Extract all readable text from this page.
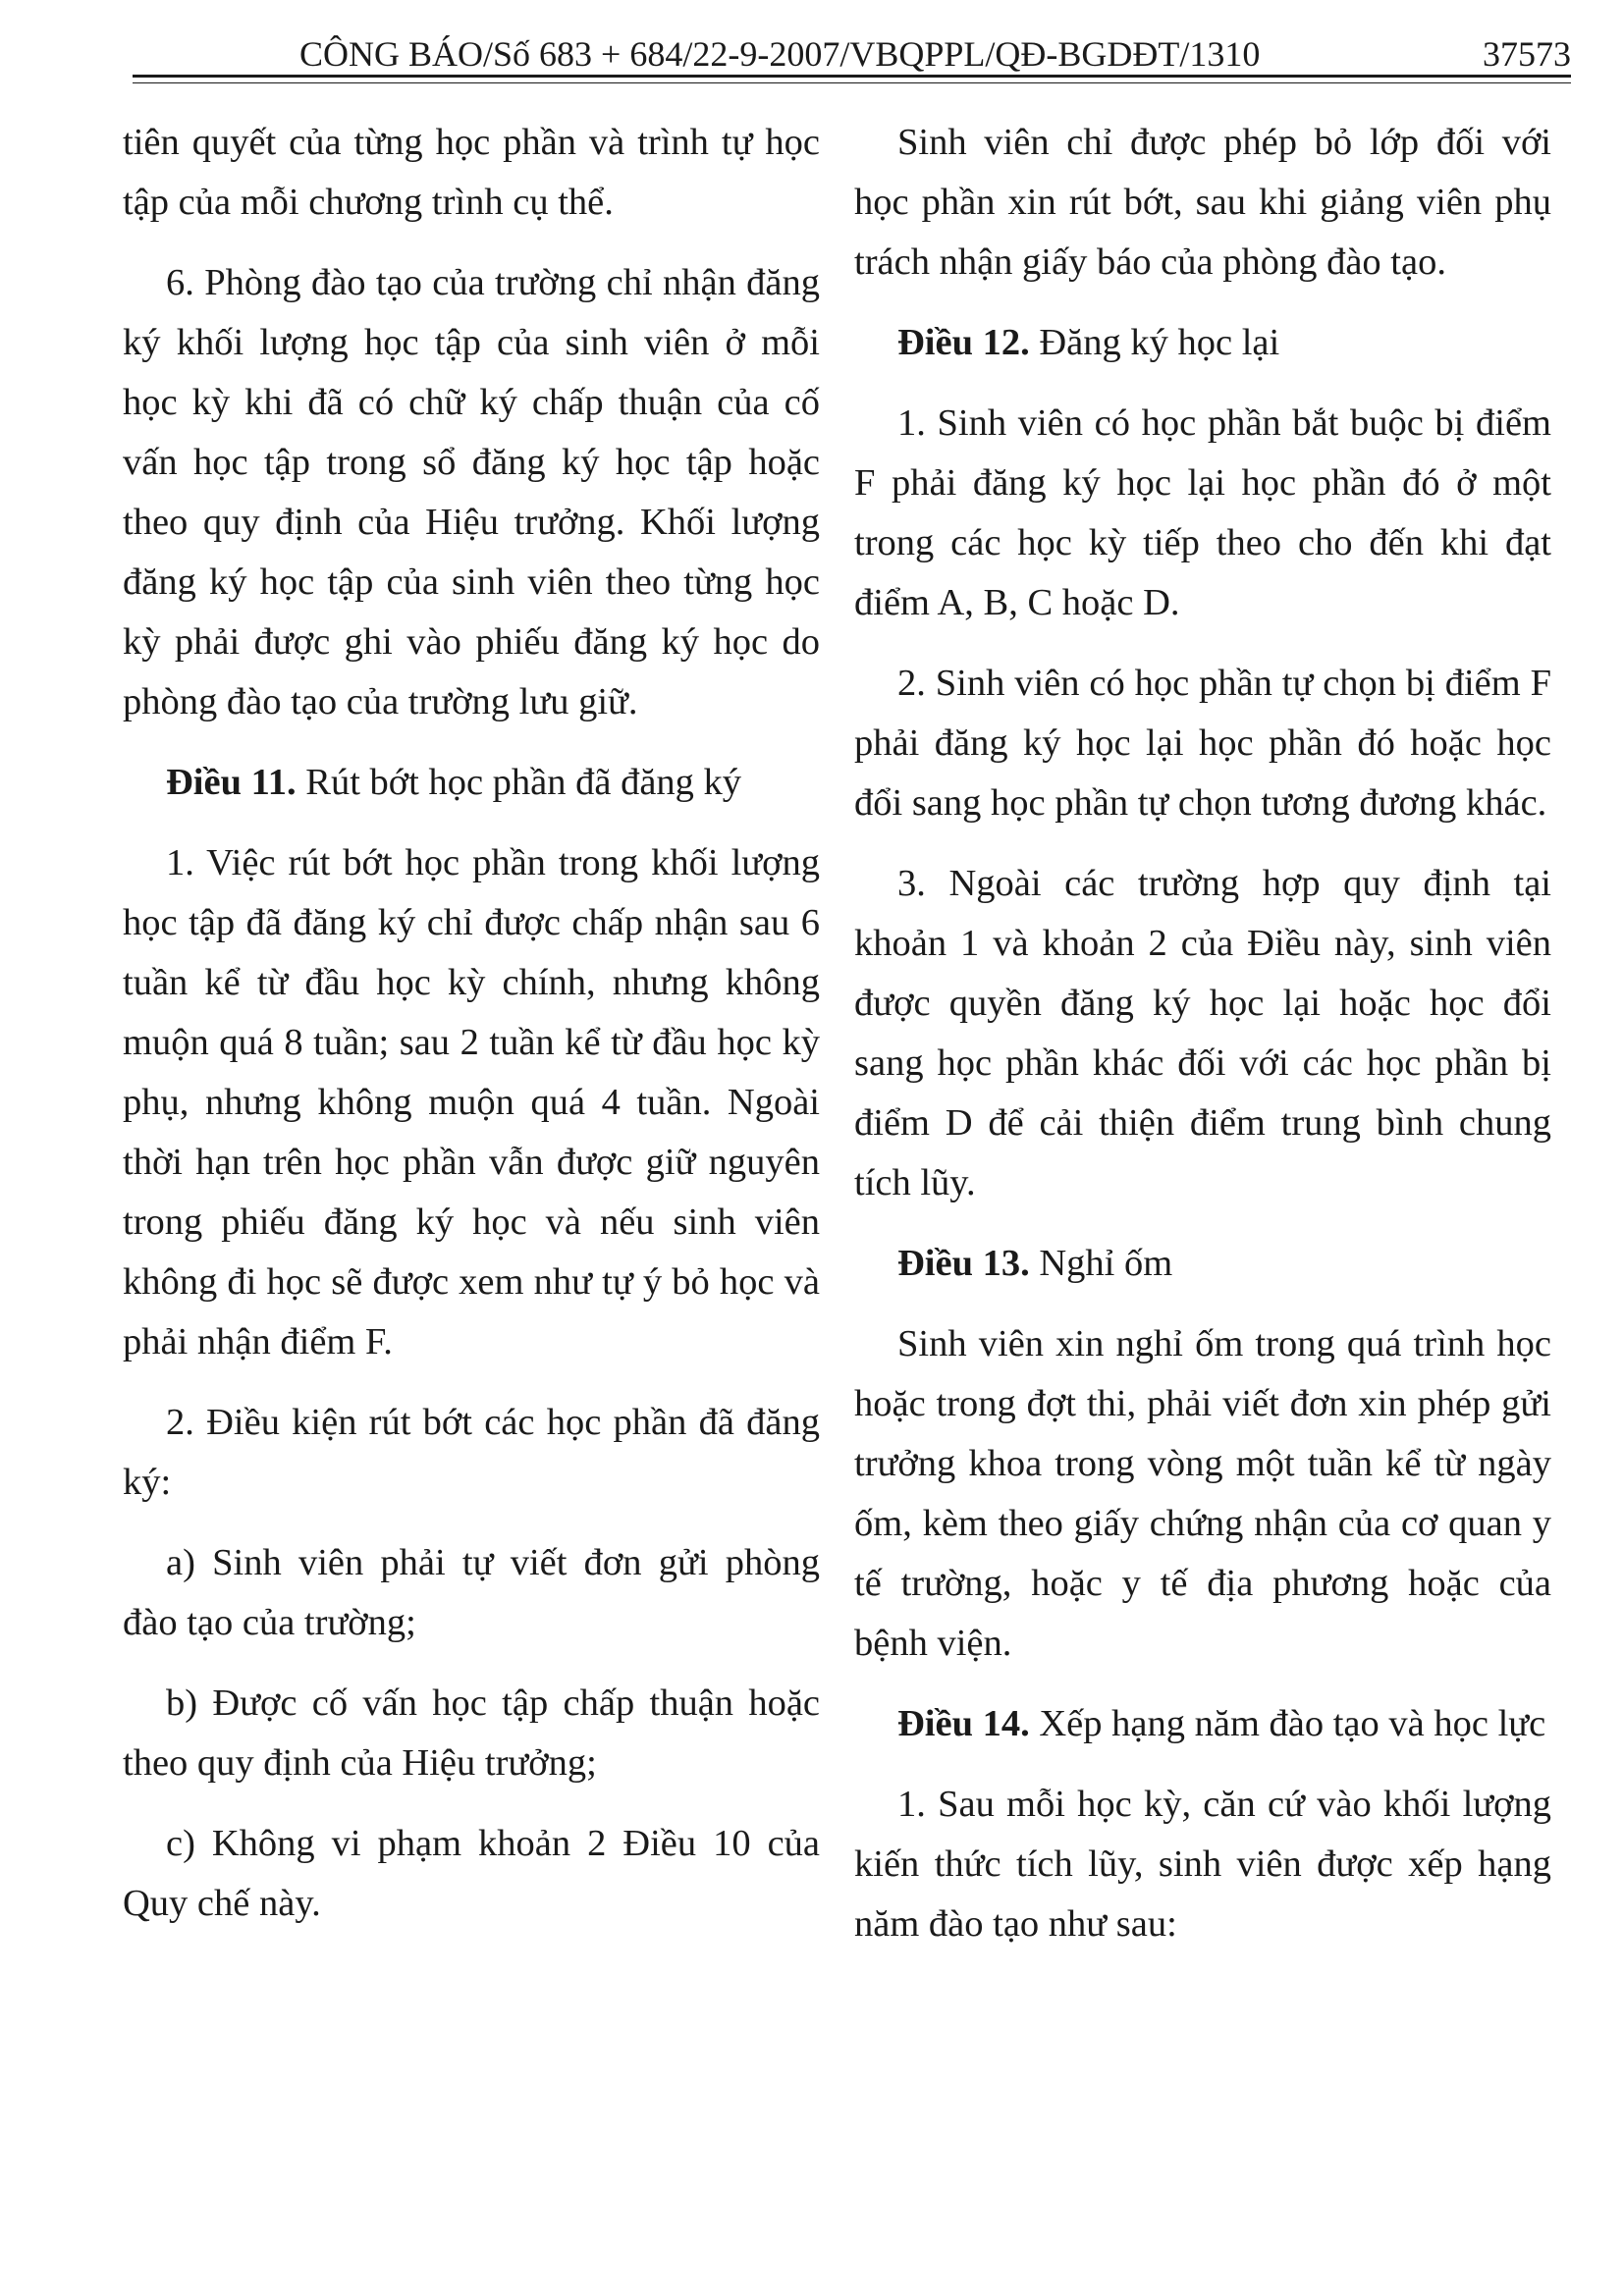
CÔNG BÁO/Số 683 + 684/22-9-2007/VBQPPL/QĐ-BGDĐT/1310	37573

tiên quyết của từng học phần và trình tự học tập của mỗi chương trình cụ thể.

6. Phòng đào tạo của trường chỉ nhận đăng ký khối lượng học tập của sinh viên ở mỗi học kỳ khi đã có chữ ký chấp thuận của cố vấn học tập trong sổ đăng ký học tập hoặc theo quy định của Hiệu trưởng. Khối lượng đăng ký học tập của sinh viên theo từng học kỳ phải được ghi vào phiếu đăng ký học do phòng đào tạo của trường lưu giữ.

Điều 11. Rút bớt học phần đã đăng ký

1. Việc rút bớt học phần trong khối lượng học tập đã đăng ký chỉ được chấp nhận sau 6 tuần kể từ đầu học kỳ chính, nhưng không muộn quá 8 tuần; sau 2 tuần kể từ đầu học kỳ phụ, nhưng không muộn quá 4 tuần. Ngoài thời hạn trên học phần vẫn được giữ nguyên trong phiếu đăng ký học và nếu sinh viên không đi học sẽ được xem như tự ý bỏ học và phải nhận điểm F.

2. Điều kiện rút bớt các học phần đã đăng ký:

a) Sinh viên phải tự viết đơn gửi phòng đào tạo của trường;

b) Được cố vấn học tập chấp thuận hoặc theo quy định của Hiệu trưởng;

c) Không vi phạm khoản 2 Điều 10 của Quy chế này.

Sinh viên chỉ được phép bỏ lớp đối với học phần xin rút bớt, sau khi giảng viên phụ trách nhận giấy báo của phòng đào tạo.

Điều 12. Đăng ký học lại

1. Sinh viên có học phần bắt buộc bị điểm F phải đăng ký học lại học phần đó ở một trong các học kỳ tiếp theo cho đến khi đạt điểm A, B, C hoặc D.

2. Sinh viên có học phần tự chọn bị điểm F phải đăng ký học lại học phần đó hoặc học đổi sang học phần tự chọn tương đương khác.

3. Ngoài các trường hợp quy định tại khoản 1 và khoản 2 của Điều này, sinh viên được quyền đăng ký học lại hoặc học đổi sang học phần khác đối với các học phần bị điểm D để cải thiện điểm trung bình chung tích lũy.

Điều 13. Nghỉ ốm

Sinh viên xin nghỉ ốm trong quá trình học hoặc trong đợt thi, phải viết đơn xin phép gửi trưởng khoa trong vòng một tuần kể từ ngày ốm, kèm theo giấy chứng nhận của cơ quan y tế trường, hoặc y tế địa phương hoặc của bệnh viện.

Điều 14. Xếp hạng năm đào tạo và học lực

1. Sau mỗi học kỳ, căn cứ vào khối lượng kiến thức tích lũy, sinh viên được xếp hạng năm đào tạo như sau:
